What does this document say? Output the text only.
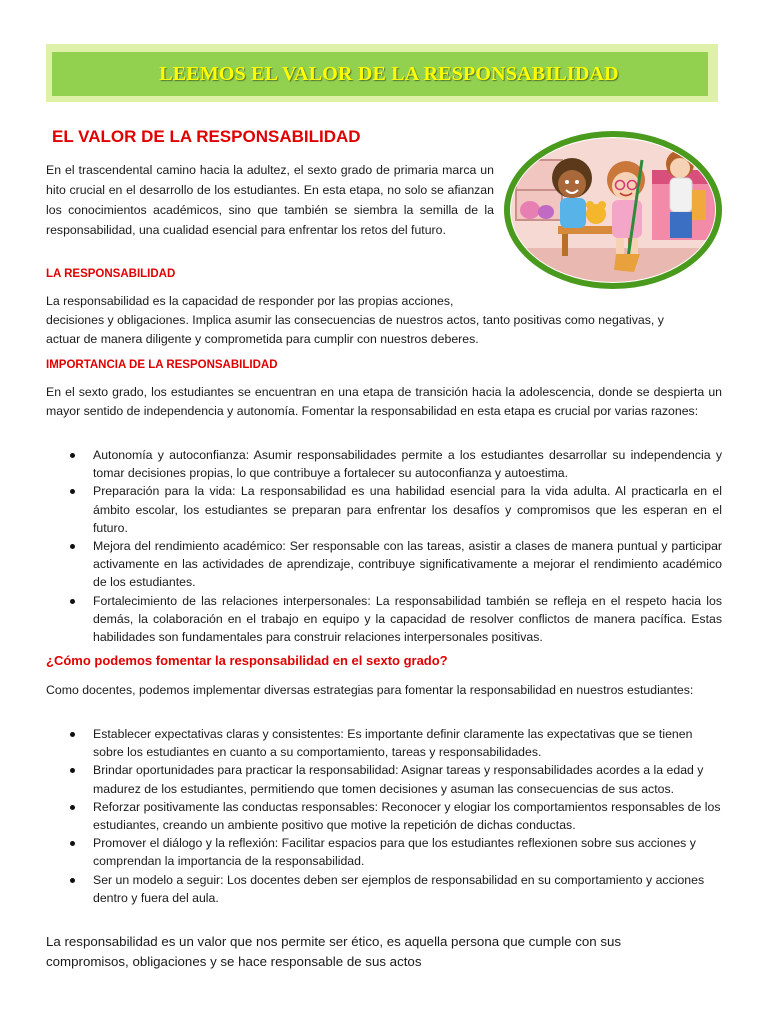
LEEMOS EL VALOR DE LA RESPONSABILIDAD
EL VALOR DE LA RESPONSABILIDAD

En el trascendental camino hacia la adultez, el sexto grado de primaria marca un hito crucial en el desarrollo de los estudiantes. En esta etapa, no solo se afianzan los conocimientos académicos, sino que también se siembra la semilla de la responsabilidad, una cualidad esencial para enfrentar los retos del futuro.

LA RESPONSABILIDAD

La responsabilidad es la capacidad de responder por las propias acciones,

decisiones y obligaciones. Implica asumir las consecuencias de nuestros actos, tanto positivas como negativas, y

actuar de manera diligente y comprometida para cumplir con nuestros deberes.

IMPORTANCIA DE LA RESPONSABILIDAD

En el sexto grado, los estudiantes se encuentran en una etapa de transición hacia la adolescencia, donde se despierta un mayor sentido de independencia y autonomía. Fomentar la responsabilidad en esta etapa es crucial por varias razones:

Autonomía y autoconfianza: Asumir responsabilidades permite a los estudiantes desarrollar su independencia y tomar decisiones propias, lo que contribuye a fortalecer su autoconfianza y autoestima.
Preparación para la vida: La responsabilidad es una habilidad esencial para la vida adulta. Al practicarla en el ámbito escolar, los estudiantes se preparan para enfrentar los desafíos y compromisos que les esperan en el futuro.
Mejora del rendimiento académico: Ser responsable con las tareas, asistir a clases de manera puntual y participar activamente en las actividades de aprendizaje, contribuye significativamente a mejorar el rendimiento académico de los estudiantes.
Fortalecimiento de las relaciones interpersonales: La responsabilidad también se refleja en el respeto hacia los demás, la colaboración en el trabajo en equipo y la capacidad de resolver conflictos de manera pacífica. Estas habilidades son fundamentales para construir relaciones interpersonales positivas.
¿Cómo podemos fomentar la responsabilidad en el sexto grado?

Como docentes, podemos implementar diversas estrategias para fomentar la responsabilidad en nuestros estudiantes:

Establecer expectativas claras y consistentes: Es importante definir claramente las expectativas que se tienen sobre los estudiantes en cuanto a su comportamiento, tareas y responsabilidades.
Brindar oportunidades para practicar la responsabilidad: Asignar tareas y responsabilidades acordes a la edad y madurez de los estudiantes, permitiendo que tomen decisiones y asuman las consecuencias de sus actos.
Reforzar positivamente las conductas responsables: Reconocer y elogiar los comportamientos responsables de los estudiantes, creando un ambiente positivo que motive la repetición de dichas conductas.
Promover el diálogo y la reflexión: Facilitar espacios para que los estudiantes reflexionen sobre sus acciones y comprendan la importancia de la responsabilidad.
Ser un modelo a seguir: Los docentes deben ser ejemplos de responsabilidad en su comportamiento y acciones dentro y fuera del aula.

La responsabilidad es un valor que nos permite ser ético, es aquella persona que cumple con sus compromisos, obligaciones y se hace responsable de sus actos
